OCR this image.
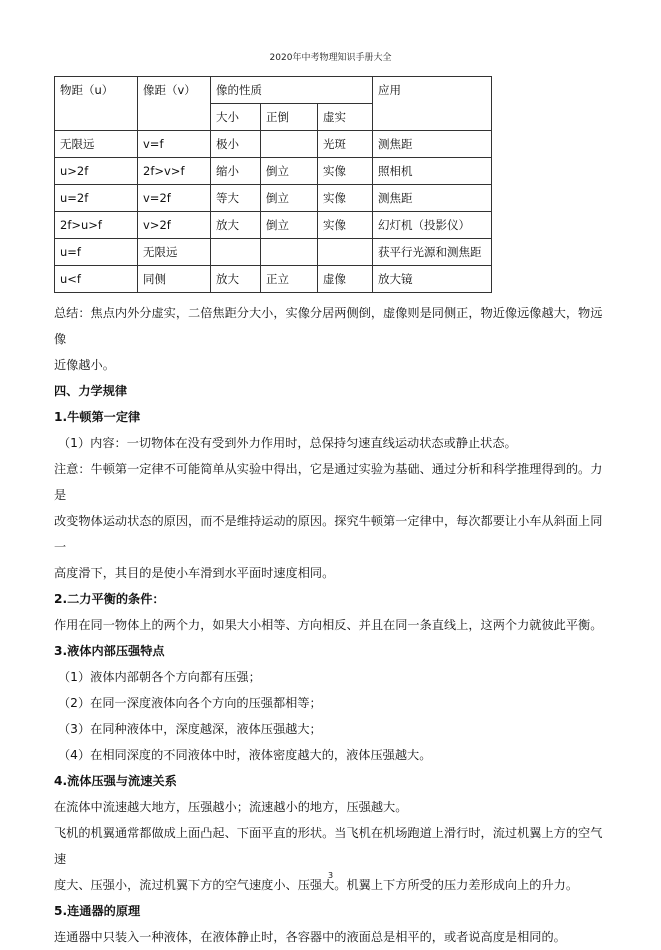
2020年中考物理知识手册大全
物距（u）	像距（v）	像的性质			应用
		大小	正倒	虚实	
无限远	v=f	极小		光斑	测焦距
u>2f	2f>v>f	缩小	倒立	实像	照相机
u=2f	v=2f	等大	倒立	实像	测焦距
2f>u>f	v>2f	放大	倒立	实像	幻灯机（投影仪）
u=f	无限远				获平行光源和测焦距
u<f	同侧	放大	正立	虚像	放大镜

总结：焦点内外分虚实，二倍焦距分大小，实像分居两侧倒，虚像则是同侧正，物近像远像越大，物远像

近像越小。

四、力学规律

1.牛顿第一定律

（1）内容：一切物体在没有受到外力作用时，总保持匀速直线运动状态或静止状态。

注意：牛顿第一定律不可能简单从实验中得出，它是通过实验为基础、通过分析和科学推理得到的。力是

改变物体运动状态的原因，而不是维持运动的原因。探究牛顿第一定律中，每次都要让小车从斜面上同一

高度滑下，其目的是使小车滑到水平面时速度相同。

2.二力平衡的条件：

作用在同一物体上的两个力，如果大小相等、方向相反、并且在同一条直线上，这两个力就彼此平衡。

3.液体内部压强特点

（1）液体内部朝各个方向都有压强；

（2）在同一深度液体向各个方向的压强都相等；

（3）在同种液体中，深度越深，液体压强越大；

（4）在相同深度的不同液体中时，液体密度越大的，液体压强越大。

4.流体压强与流速关系

在流体中流速越大地方，压强越小；流速越小的地方，压强越大。

飞机的机翼通常都做成上面凸起、下面平直的形状。当飞机在机场跑道上滑行时，流过机翼上方的空气速

度大、压强小，流过机翼下方的空气速度小、压强大。机翼上下方所受的压力差形成向上的升力。

5.连通器的原理

连通器中只装入一种液体，在液体静止时，各容器中的液面总是相平的，或者说高度是相同的。

3
